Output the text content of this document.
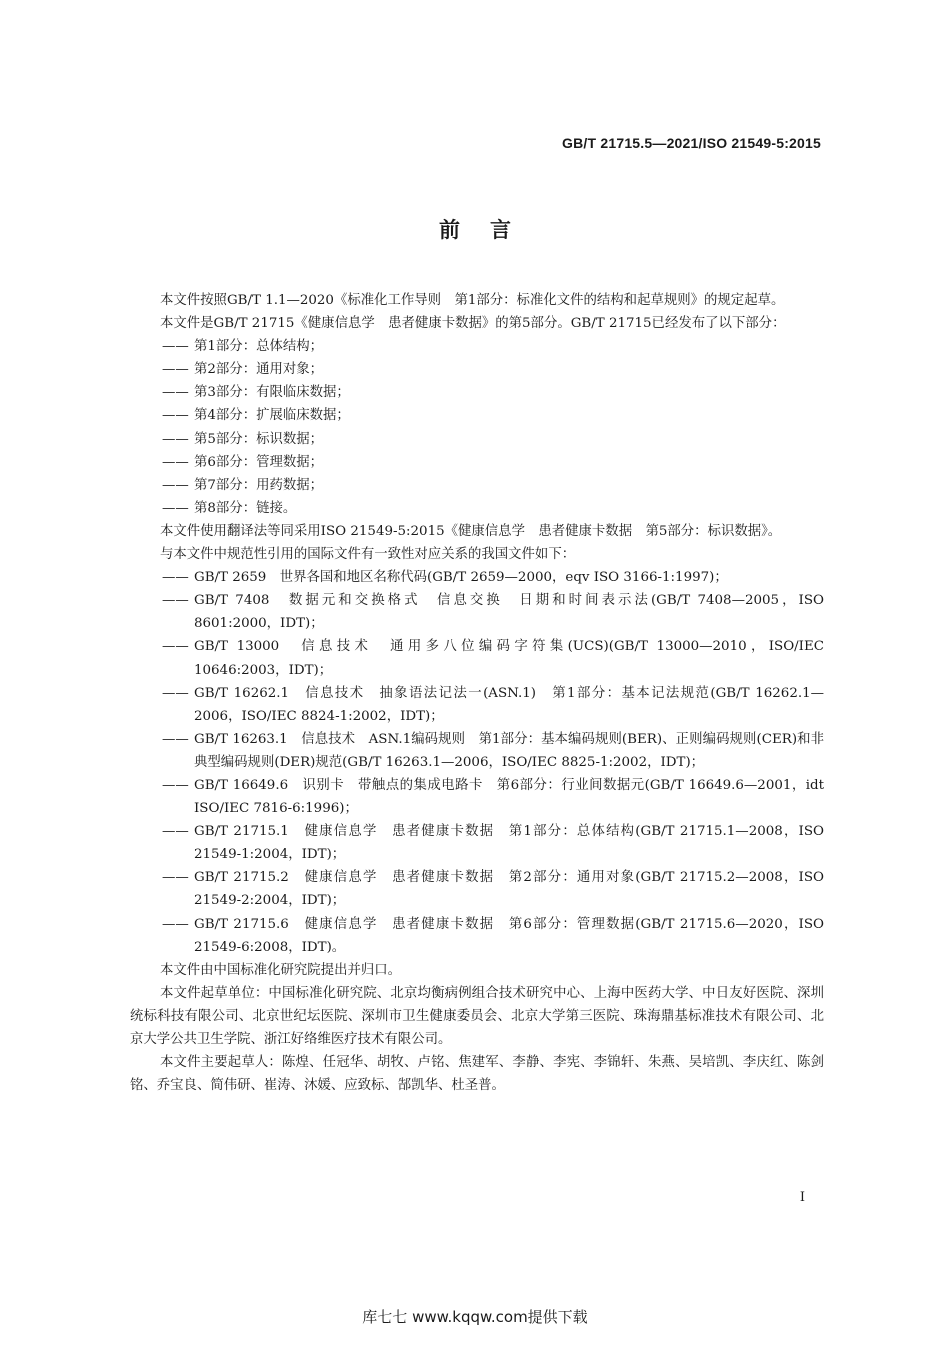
GB/T 21715.5—2021/ISO 21549-5:2015
前言

本文件按照GB/T 1.1—2020《标准化工作导则　第1部分：标准化文件的结构和起草规则》的规定起草。

本文件是GB/T 21715《健康信息学　患者健康卡数据》的第5部分。GB/T 21715已经发布了以下部分：

—— 第1部分：总体结构；

—— 第2部分：通用对象；

—— 第3部分：有限临床数据；

—— 第4部分：扩展临床数据；

—— 第5部分：标识数据；

—— 第6部分：管理数据；

—— 第7部分：用药数据；

—— 第8部分：链接。

本文件使用翻译法等同采用ISO 21549-5:2015《健康信息学　患者健康卡数据　第5部分：标识数据》。

与本文件中规范性引用的国际文件有一致性对应关系的我国文件如下：

—— GB/T 2659　世界各国和地区名称代码(GB/T 2659—2000，eqv ISO 3166-1:1997)；

—— GB/T 7408　数据元和交换格式　信息交换　日期和时间表示法(GB/T 7408—2005，ISO 8601:2000，IDT)；

—— GB/T 13000　信息技术　通用多八位编码字符集(UCS)(GB/T 13000—2010，ISO/IEC 10646:2003，IDT)；

—— GB/T 16262.1　信息技术　抽象语法记法一(ASN.1)　第1部分：基本记法规范(GB/T 16262.1—2006，ISO/IEC 8824-1:2002，IDT)；

—— GB/T 16263.1　信息技术　ASN.1编码规则　第1部分：基本编码规则(BER)、正则编码规则(CER)和非典型编码规则(DER)规范(GB/T 16263.1—2006，ISO/IEC 8825-1:2002，IDT)；

—— GB/T 16649.6　识别卡　带触点的集成电路卡　第6部分：行业间数据元(GB/T 16649.6—2001，idt ISO/IEC 7816-6:1996)；

—— GB/T 21715.1　健康信息学　患者健康卡数据　第1部分：总体结构(GB/T 21715.1—2008，ISO 21549-1:2004，IDT)；

—— GB/T 21715.2　健康信息学　患者健康卡数据　第2部分：通用对象(GB/T 21715.2—2008，ISO 21549-2:2004，IDT)；

—— GB/T 21715.6　健康信息学　患者健康卡数据　第6部分：管理数据(GB/T 21715.6—2020，ISO 21549-6:2008，IDT)。

本文件由中国标准化研究院提出并归口。

本文件起草单位：中国标准化研究院、北京均衡病例组合技术研究中心、上海中医药大学、中日友好医院、深圳统标科技有限公司、北京世纪坛医院、深圳市卫生健康委员会、北京大学第三医院、珠海鼎基标准技术有限公司、北京大学公共卫生学院、浙江好络维医疗技术有限公司。

本文件主要起草人：陈煌、任冠华、胡牧、卢铭、焦建军、李静、李宪、李锦轩、朱燕、吴培凯、李庆红、陈剑铭、乔宝良、简伟研、崔涛、沐媛、应致标、郜凯华、杜圣普。

I
库七七 www.kqqw.com提供下载
